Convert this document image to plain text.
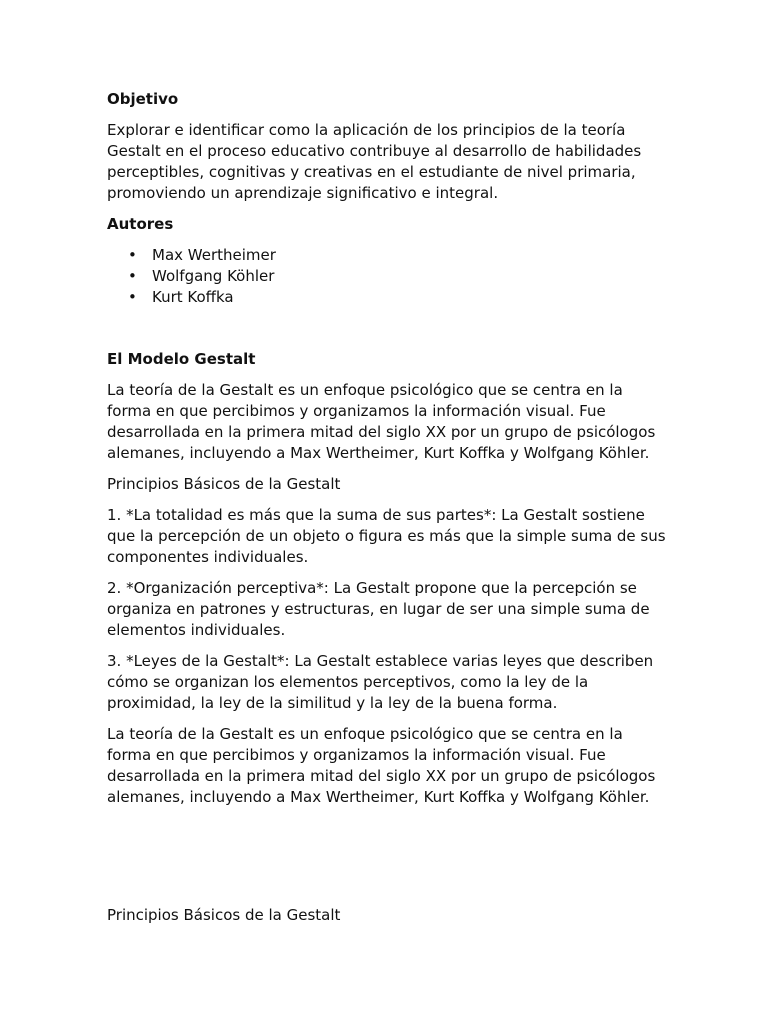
Objetivo

Explorar e identificar como la aplicación de los principios de la teoría Gestalt en el proceso educativo contribuye al desarrollo de habilidades perceptibles, cognitivas y creativas en el estudiante de nivel primaria, promoviendo un aprendizaje significativo e integral.

Autores

• Max Wertheimer
• Wolfgang Köhler
• Kurt Koffka

El Modelo Gestalt

La teoría de la Gestalt es un enfoque psicológico que se centra en la forma en que percibimos y organizamos la información visual. Fue desarrollada en la primera mitad del siglo XX por un grupo de psicólogos alemanes, incluyendo a Max Wertheimer, Kurt Koffka y Wolfgang Köhler.

Principios Básicos de la Gestalt

1. *La totalidad es más que la suma de sus partes*: La Gestalt sostiene que la percepción de un objeto o figura es más que la simple suma de sus componentes individuales.

2. *Organización perceptiva*: La Gestalt propone que la percepción se organiza en patrones y estructuras, en lugar de ser una simple suma de elementos individuales.

3. *Leyes de la Gestalt*: La Gestalt establece varias leyes que describen cómo se organizan los elementos perceptivos, como la ley de la proximidad, la ley de la similitud y la ley de la buena forma.

La teoría de la Gestalt es un enfoque psicológico que se centra en la forma en que percibimos y organizamos la información visual. Fue desarrollada en la primera mitad del siglo XX por un grupo de psicólogos alemanes, incluyendo a Max Wertheimer, Kurt Koffka y Wolfgang Köhler.

Principios Básicos de la Gestalt
